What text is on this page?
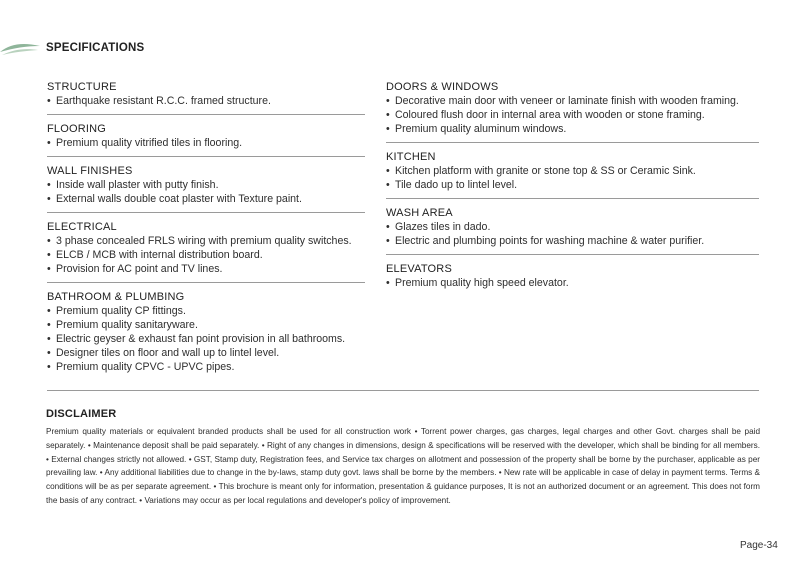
SPECIFICATIONS
STRUCTURE
• Earthquake resistant R.C.C. framed structure.
FLOORING
• Premium quality vitrified tiles in flooring.
WALL FINISHES
• Inside wall plaster with putty finish.
• External walls double coat plaster with Texture paint.
ELECTRICAL
• 3 phase concealed FRLS wiring with premium quality switches.
• ELCB / MCB with internal distribution board.
• Provision for AC point and TV lines.
BATHROOM & PLUMBING
• Premium quality CP fittings.
• Premium quality sanitaryware.
• Electric geyser & exhaust fan point provision in all bathrooms.
• Designer tiles on floor and wall up to lintel level.
• Premium quality CPVC - UPVC pipes.
DOORS & WINDOWS
• Decorative main door with veneer or laminate finish with wooden framing.
• Coloured flush door in internal area with wooden or stone framing.
• Premium quality aluminum windows.
KITCHEN
• Kitchen platform with granite or stone top & SS or Ceramic Sink.
• Tile dado up to lintel level.
WASH AREA
• Glazes tiles in dado.
• Electric and plumbing points for washing machine & water purifier.
ELEVATORS
• Premium quality high speed elevator.
DISCLAIMER
Premium quality materials or equivalent branded products shall be used for all construction work • Torrent power charges, gas charges, legal charges and other Govt. charges shall be paid separately. • Maintenance deposit shall be paid separately. • Right of any changes in dimensions, design & specifications will be reserved with the developer, which shall be binding for all members. • External changes strictly not allowed. • GST, Stamp duty, Registration fees, and Service tax charges on allotment and possession of the property shall be borne by the purchaser, applicable as per prevailing law. • Any additional liabilities due to change in the by-laws, stamp duty govt. laws shall be borne by the members. • New rate will be applicable in case of delay in payment terms. Terms & conditions will be as per separate agreement. • This brochure is meant only for information, presentation & guidance purposes, It is not an authorized document or an agreement. This does not form the basis of any contract. • Variations may occur as per local regulations and developer's policy of improvement.
Page-34
